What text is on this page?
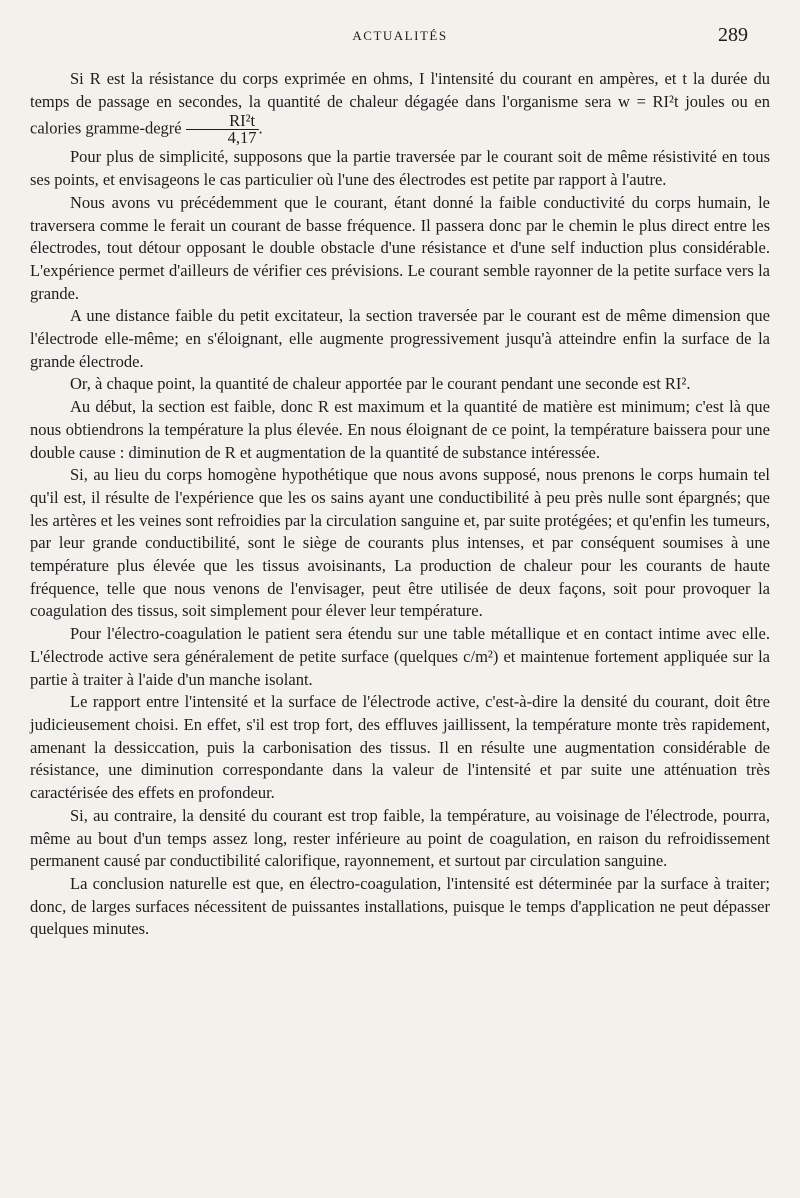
ACTUALITÉS	289

Si R est la résistance du corps exprimée en ohms, I l'intensité du courant en ampères, et t la durée du temps de passage en secondes, la quantité de chaleur dégagée dans l'organisme sera w = RI²t joules ou en calories gramme-degré $\frac{\text{RI²t}}{4,17}$ .

Pour plus de simplicité, supposons que la partie traversée par le courant soit de même résistivité en tous ses points, et envisageons le cas particulier où l'une des électrodes est petite par rapport à l'autre.

Nous avons vu précédemment que le courant, étant donné la faible conductivité du corps humain, le traversera comme le ferait un courant de basse fréquence. Il passera donc par le chemin le plus direct entre les électrodes, tout détour opposant le double obstacle d'une résistance et d'une self induction plus considérable. L'expérience permet d'ailleurs de vérifier ces prévisions. Le courant semble rayonner de la petite surface vers la grande.

A une distance faible du petit excitateur, la section traversée par le courant est de même dimension que l'électrode elle-même; en s'éloignant, elle augmente progressivement jusqu'à atteindre enfin la surface de la grande électrode.

Or, à chaque point, la quantité de chaleur apportée par le courant pendant une seconde est RI².

Au début, la section est faible, donc R est maximum et la quantité de matière est minimum; c'est là que nous obtiendrons la température la plus élevée. En nous éloignant de ce point, la température baissera pour une double cause : diminution de R et augmentation de la quantité de substance intéressée.

Si, au lieu du corps homogène hypothétique que nous avons supposé, nous prenons le corps humain tel qu'il est, il résulte de l'expérience que les os sains ayant une conductibilité à peu près nulle sont épargnés; que les artères et les veines sont refroidies par la circulation sanguine et, par suite protégées; et qu'enfin les tumeurs, par leur grande conductibilité, sont le siège de courants plus intenses, et par conséquent soumises à une température plus élevée que les tissus avoisinants, La production de chaleur pour les courants de haute fréquence, telle que nous venons de l'envisager, peut être utilisée de deux façons, soit pour provoquer la coagulation des tissus, soit simplement pour élever leur température.

Pour l'électro-coagulation le patient sera étendu sur une table métallique et en contact intime avec elle. L'électrode active sera généralement de petite surface (quelques c/m²) et maintenue fortement appliquée sur la partie à traiter à l'aide d'un manche isolant.

Le rapport entre l'intensité et la surface de l'électrode active, c'est-à-dire la densité du courant, doit être judicieusement choisi. En effet, s'il est trop fort, des effluves jaillissent, la température monte très rapidement, amenant la dessiccation, puis la carbonisation des tissus. Il en résulte une augmentation considérable de résistance, une diminution correspondante dans la valeur de l'intensité et par suite une atténuation très caractérisée des effets en profondeur.

Si, au contraire, la densité du courant est trop faible, la température, au voisinage de l'électrode, pourra, même au bout d'un temps assez long, rester inférieure au point de coagulation, en raison du refroidissement permanent causé par conductibilité calorifique, rayonnement, et surtout par circulation sanguine.

La conclusion naturelle est que, en électro-coagulation, l'intensité est déterminée par la surface à traiter; donc, de larges surfaces nécessitent de puissantes installations, puisque le temps d'application ne peut dépasser quelques minutes.
